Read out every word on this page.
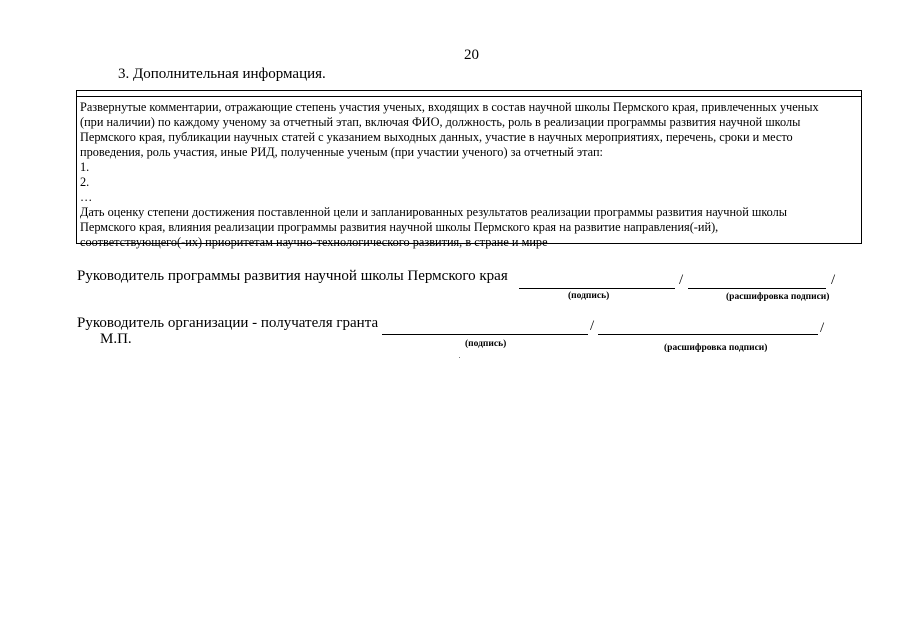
20
3. Дополнительная информация.
Развернутые комментарии, отражающие степень участия ученых, входящих в состав научной школы Пермского края, привлеченных ученых
(при наличии) по каждому ученому за отчетный этап, включая ФИО, должность, роль в реализации программы развития научной школы
Пермского края, публикации научных статей с указанием выходных данных, участие в научных мероприятиях, перечень, сроки и место
проведения, роль участия, иные РИД, полученные ученым (при участии ученого) за отчетный этап:
1.
2.
…
Дать оценку степени достижения поставленной цели и запланированных результатов реализации программы развития научной школы
Пермского края, влияния реализации программы развития научной школы Пермского края на развитие направления(-ий),
соответствующего(-их) приоритетам научно-технологического развития, в стране и мире
Руководитель программы развития научной школы Пермского края	/	/
(подпись)	(расшифровка подписи)
Руководитель организации - получателя гранта	/	/
(подпись)	(расшифровка подписи)
М.П.
